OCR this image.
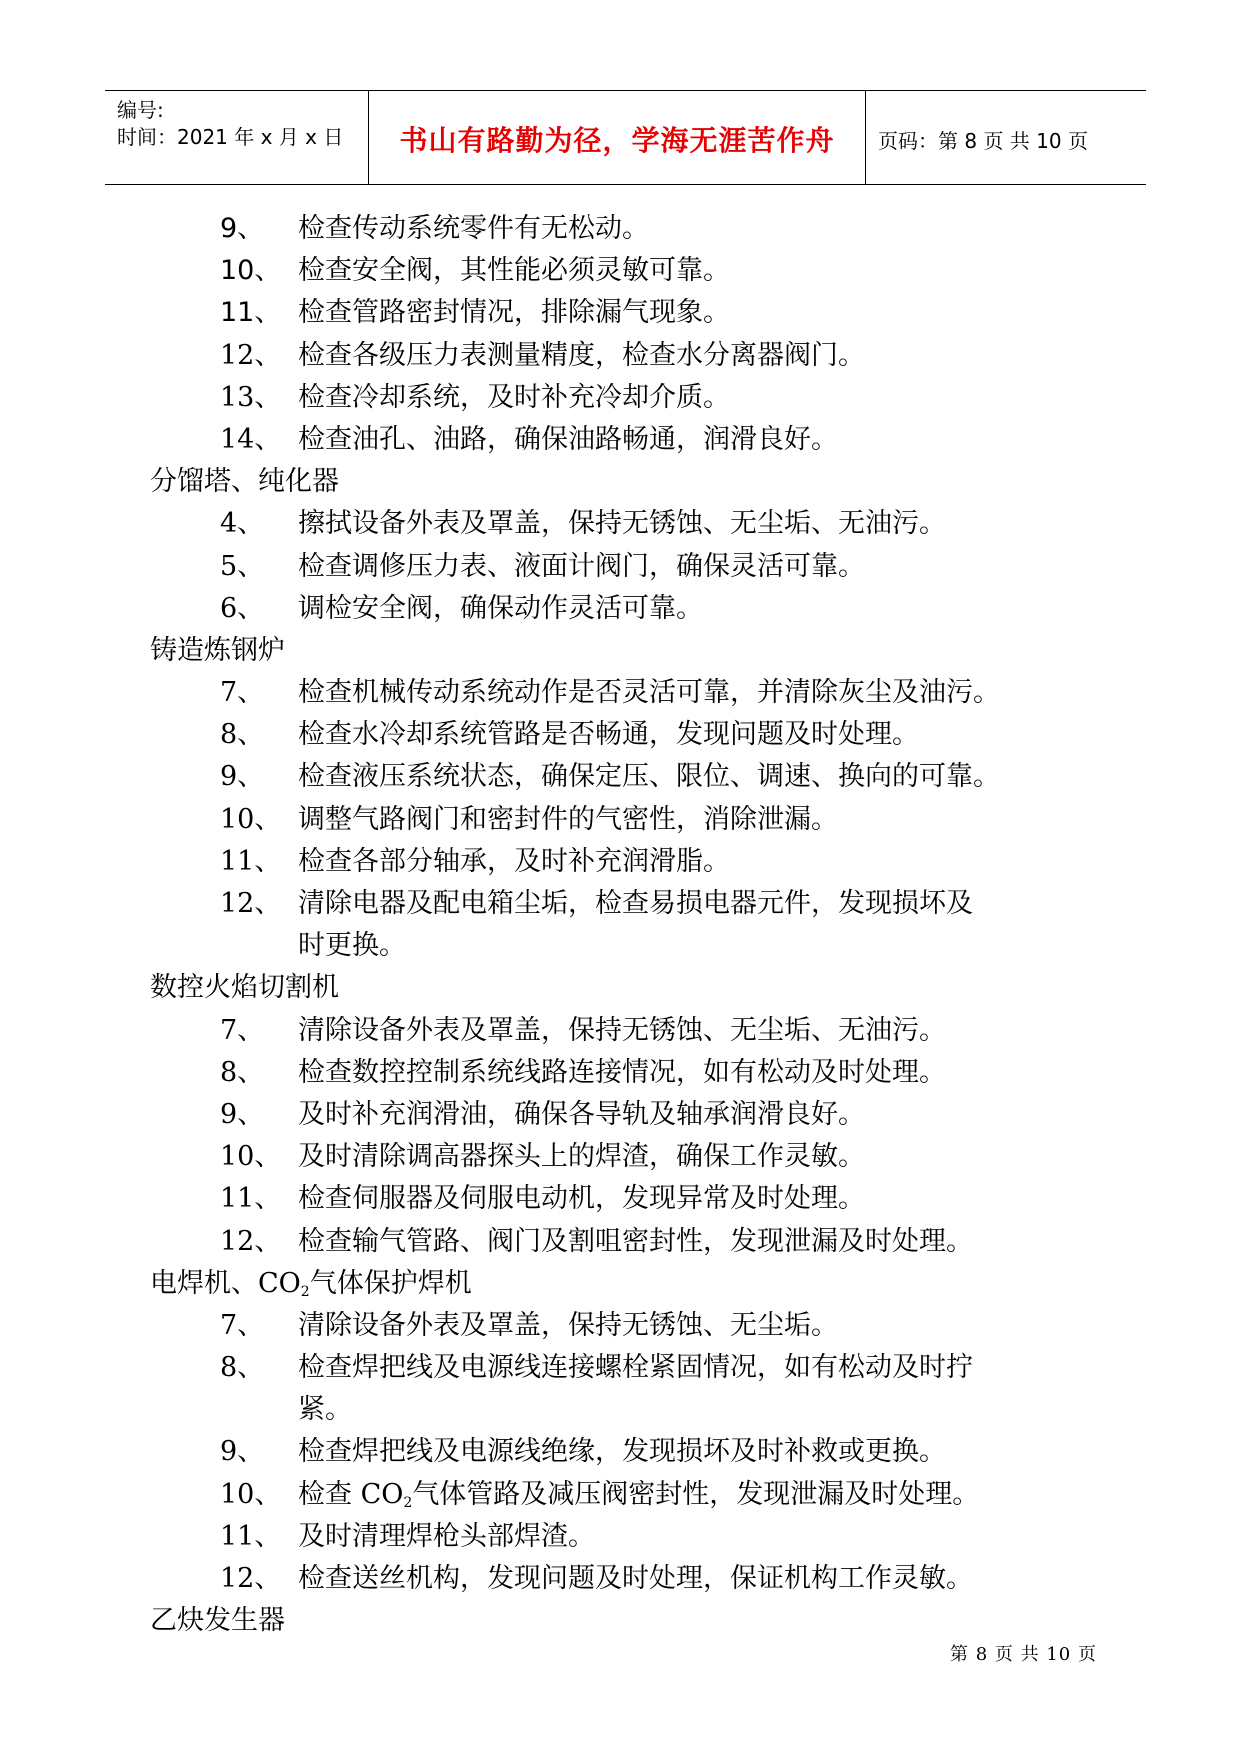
编号:
时间：2021 年 x 月 x 日	书山有路勤为径，学海无涯苦作舟	页码：第 8 页 共 10 页
9、 检查传动系统零件有无松动。
10、 检查安全阀，其性能必须灵敏可靠。
11、 检查管路密封情况，排除漏气现象。
12、 检查各级压力表测量精度，检查水分离器阀门。
13、 检查冷却系统，及时补充冷却介质。
14、 检查油孔、油路，确保油路畅通，润滑良好。
分馏塔、纯化器
4、 擦拭设备外表及罩盖，保持无锈蚀、无尘垢、无油污。
5、 检查调修压力表、液面计阀门，确保灵活可靠。
6、 调检安全阀，确保动作灵活可靠。
铸造炼钢炉
7、 检查机械传动系统动作是否灵活可靠，并清除灰尘及油污。
8、 检查水冷却系统管路是否畅通，发现问题及时处理。
9、 检查液压系统状态，确保定压、限位、调速、换向的可靠。
10、 调整气路阀门和密封件的气密性，消除泄漏。
11、 检查各部分轴承，及时补充润滑脂。
12、 清除电器及配电箱尘垢，检查易损电器元件，发现损坏及
时更换。
数控火焰切割机
7、 清除设备外表及罩盖，保持无锈蚀、无尘垢、无油污。
8、 检查数控控制系统线路连接情况，如有松动及时处理。
9、 及时补充润滑油，确保各导轨及轴承润滑良好。
10、 及时清除调高器探头上的焊渣，确保工作灵敏。
11、 检查伺服器及伺服电动机，发现异常及时处理。
12、 检查输气管路、阀门及割咀密封性，发现泄漏及时处理。
电焊机、$CO_2$气体保护焊机
7、 清除设备外表及罩盖，保持无锈蚀、无尘垢。
8、 检查焊把线及电源线连接螺栓紧固情况，如有松动及时拧
紧。
9、 检查焊把线及电源线绝缘，发现损坏及时补救或更换。
10、 检查 $CO_2$气体管路及减压阀密封性，发现泄漏及时处理。
11、 及时清理焊枪头部焊渣。
12、 检查送丝机构，发现问题及时处理，保证机构工作灵敏。
乙炔发生器
第 8 页 共 10 页
